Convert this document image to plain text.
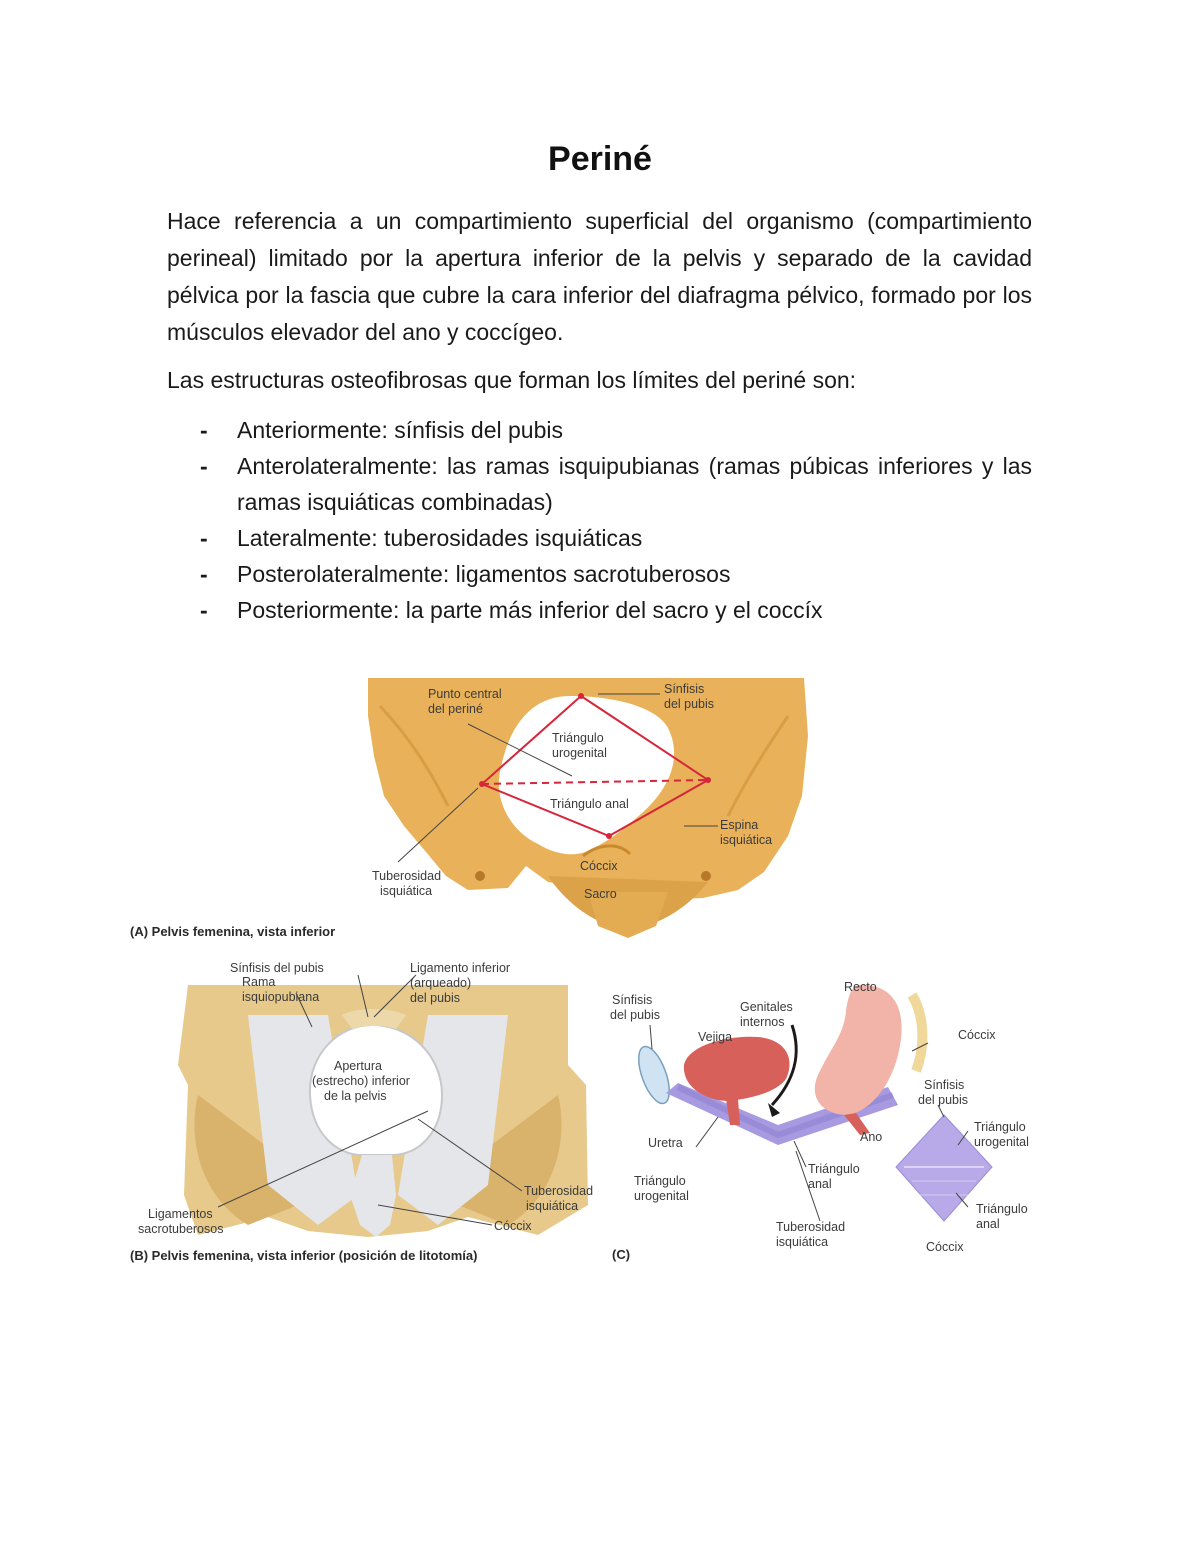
Periné

Hace referencia a un compartimiento superficial del organismo (compartimiento perineal) limitado por la apertura inferior de la pelvis y separado de la cavidad pélvica por la fascia que cubre la cara inferior del diafragma pélvico, formado por los músculos elevador del ano y coccígeo.

Las estructuras osteofibrosas que forman los límites del periné son:

- Anteriormente: sínfisis del pubis
- Anterolateralmente: las ramas isquipubianas (ramas púbicas inferiores y las ramas isquiáticas combinadas)
- Lateralmente: tuberosidades isquiáticas
- Posterolateralmente: ligamentos sacrotuberosos
- Posteriormente: la parte más inferior del sacro y el coccíx
Punto central
del periné
Sínfisis
del pubis
Triángulo
urogenital
Triángulo anal
Espina
isquiática
Cóccix
Sacro
Tuberosidad
isquiática
(A) Pelvis femenina, vista inferior
Sínfisis del pubis
Rama
isquiopubiana
Ligamento inferior
(arqueado)
del pubis
Apertura
(estrecho) inferior
de la pelvis
Ligamentos
sacrotuberosos
Tuberosidad
isquiática
Cóccix
(B) Pelvis femenina, vista inferior (posición de litotomía)
Recto
Sínfisis
del pubis
Genitales
internos
Vejiga	Cóccix
Sínfisis
del pubis
Uretra	Ano
Triángulo
urogenital
Triángulo
urogenital
Triángulo
anal
Triángulo
anal
Tuberosidad
isquiática	Cóccix
(C)
